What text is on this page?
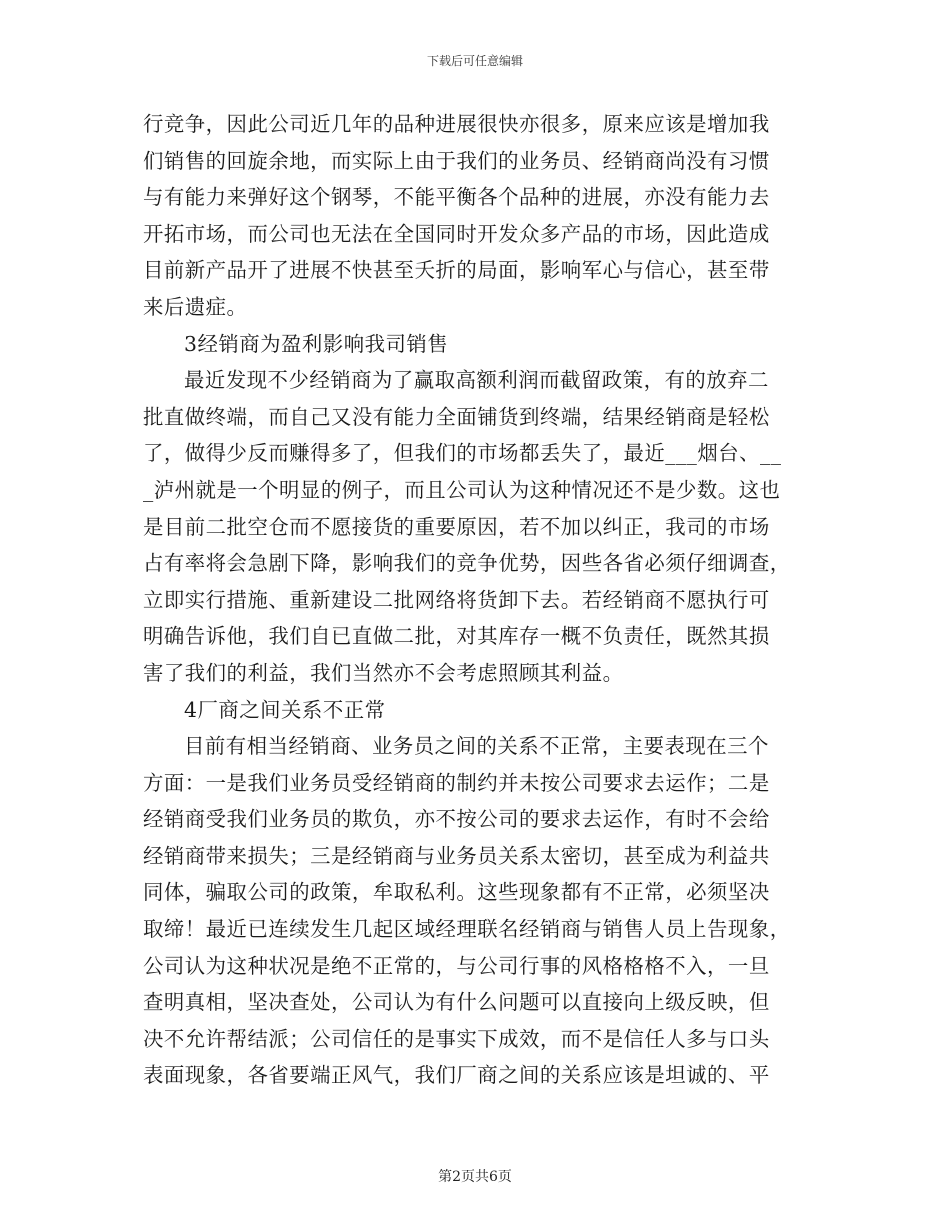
下载后可任意编辑
行竞争，因此公司近几年的品种进展很快亦很多，原来应该是增加我
们销售的回旋余地，而实际上由于我们的业务员、经销商尚没有习惯
与有能力来弹好这个钢琴，不能平衡各个品种的进展，亦没有能力去
开拓市场，而公司也无法在全国同时开发众多产品的市场，因此造成
目前新产品开了进展不快甚至夭折的局面，影响军心与信心，甚至带
来后遗症。
3经销商为盈利影响我司销售
最近发现不少经销商为了赢取高额利润而截留政策，有的放弃二
批直做终端，而自己又没有能力全面铺货到终端，结果经销商是轻松
了，做得少反而赚得多了，但我们的市场都丢失了，最近___烟台、__
_泸州就是一个明显的例子，而且公司认为这种情况还不是少数。这也
是目前二批空仓而不愿接货的重要原因，若不加以纠正，我司的市场
占有率将会急剧下降，影响我们的竞争优势，因些各省必须仔细调查，
立即实行措施、重新建设二批网络将货卸下去。若经销商不愿执行可
明确告诉他，我们自已直做二批，对其库存一概不负责任，既然其损
害了我们的利益，我们当然亦不会考虑照顾其利益。
4厂商之间关系不正常
目前有相当经销商、业务员之间的关系不正常，主要表现在三个
方面：一是我们业务员受经销商的制约并未按公司要求去运作；二是
经销商受我们业务员的欺负，亦不按公司的要求去运作，有时不会给
经销商带来损失；三是经销商与业务员关系太密切，甚至成为利益共
同体，骗取公司的政策，牟取私利。这些现象都有不正常，必须坚决
取缔！最近已连续发生几起区域经理联名经销商与销售人员上告现象，
公司认为这种状况是绝不正常的，与公司行事的风格格格不入，一旦
查明真相，坚决查处，公司认为有什么问题可以直接向上级反映，但
决不允许帮结派；公司信任的是事实下成效，而不是信任人多与口头
表面现象，各省要端正风气，我们厂商之间的关系应该是坦诚的、平
第2页共6页
